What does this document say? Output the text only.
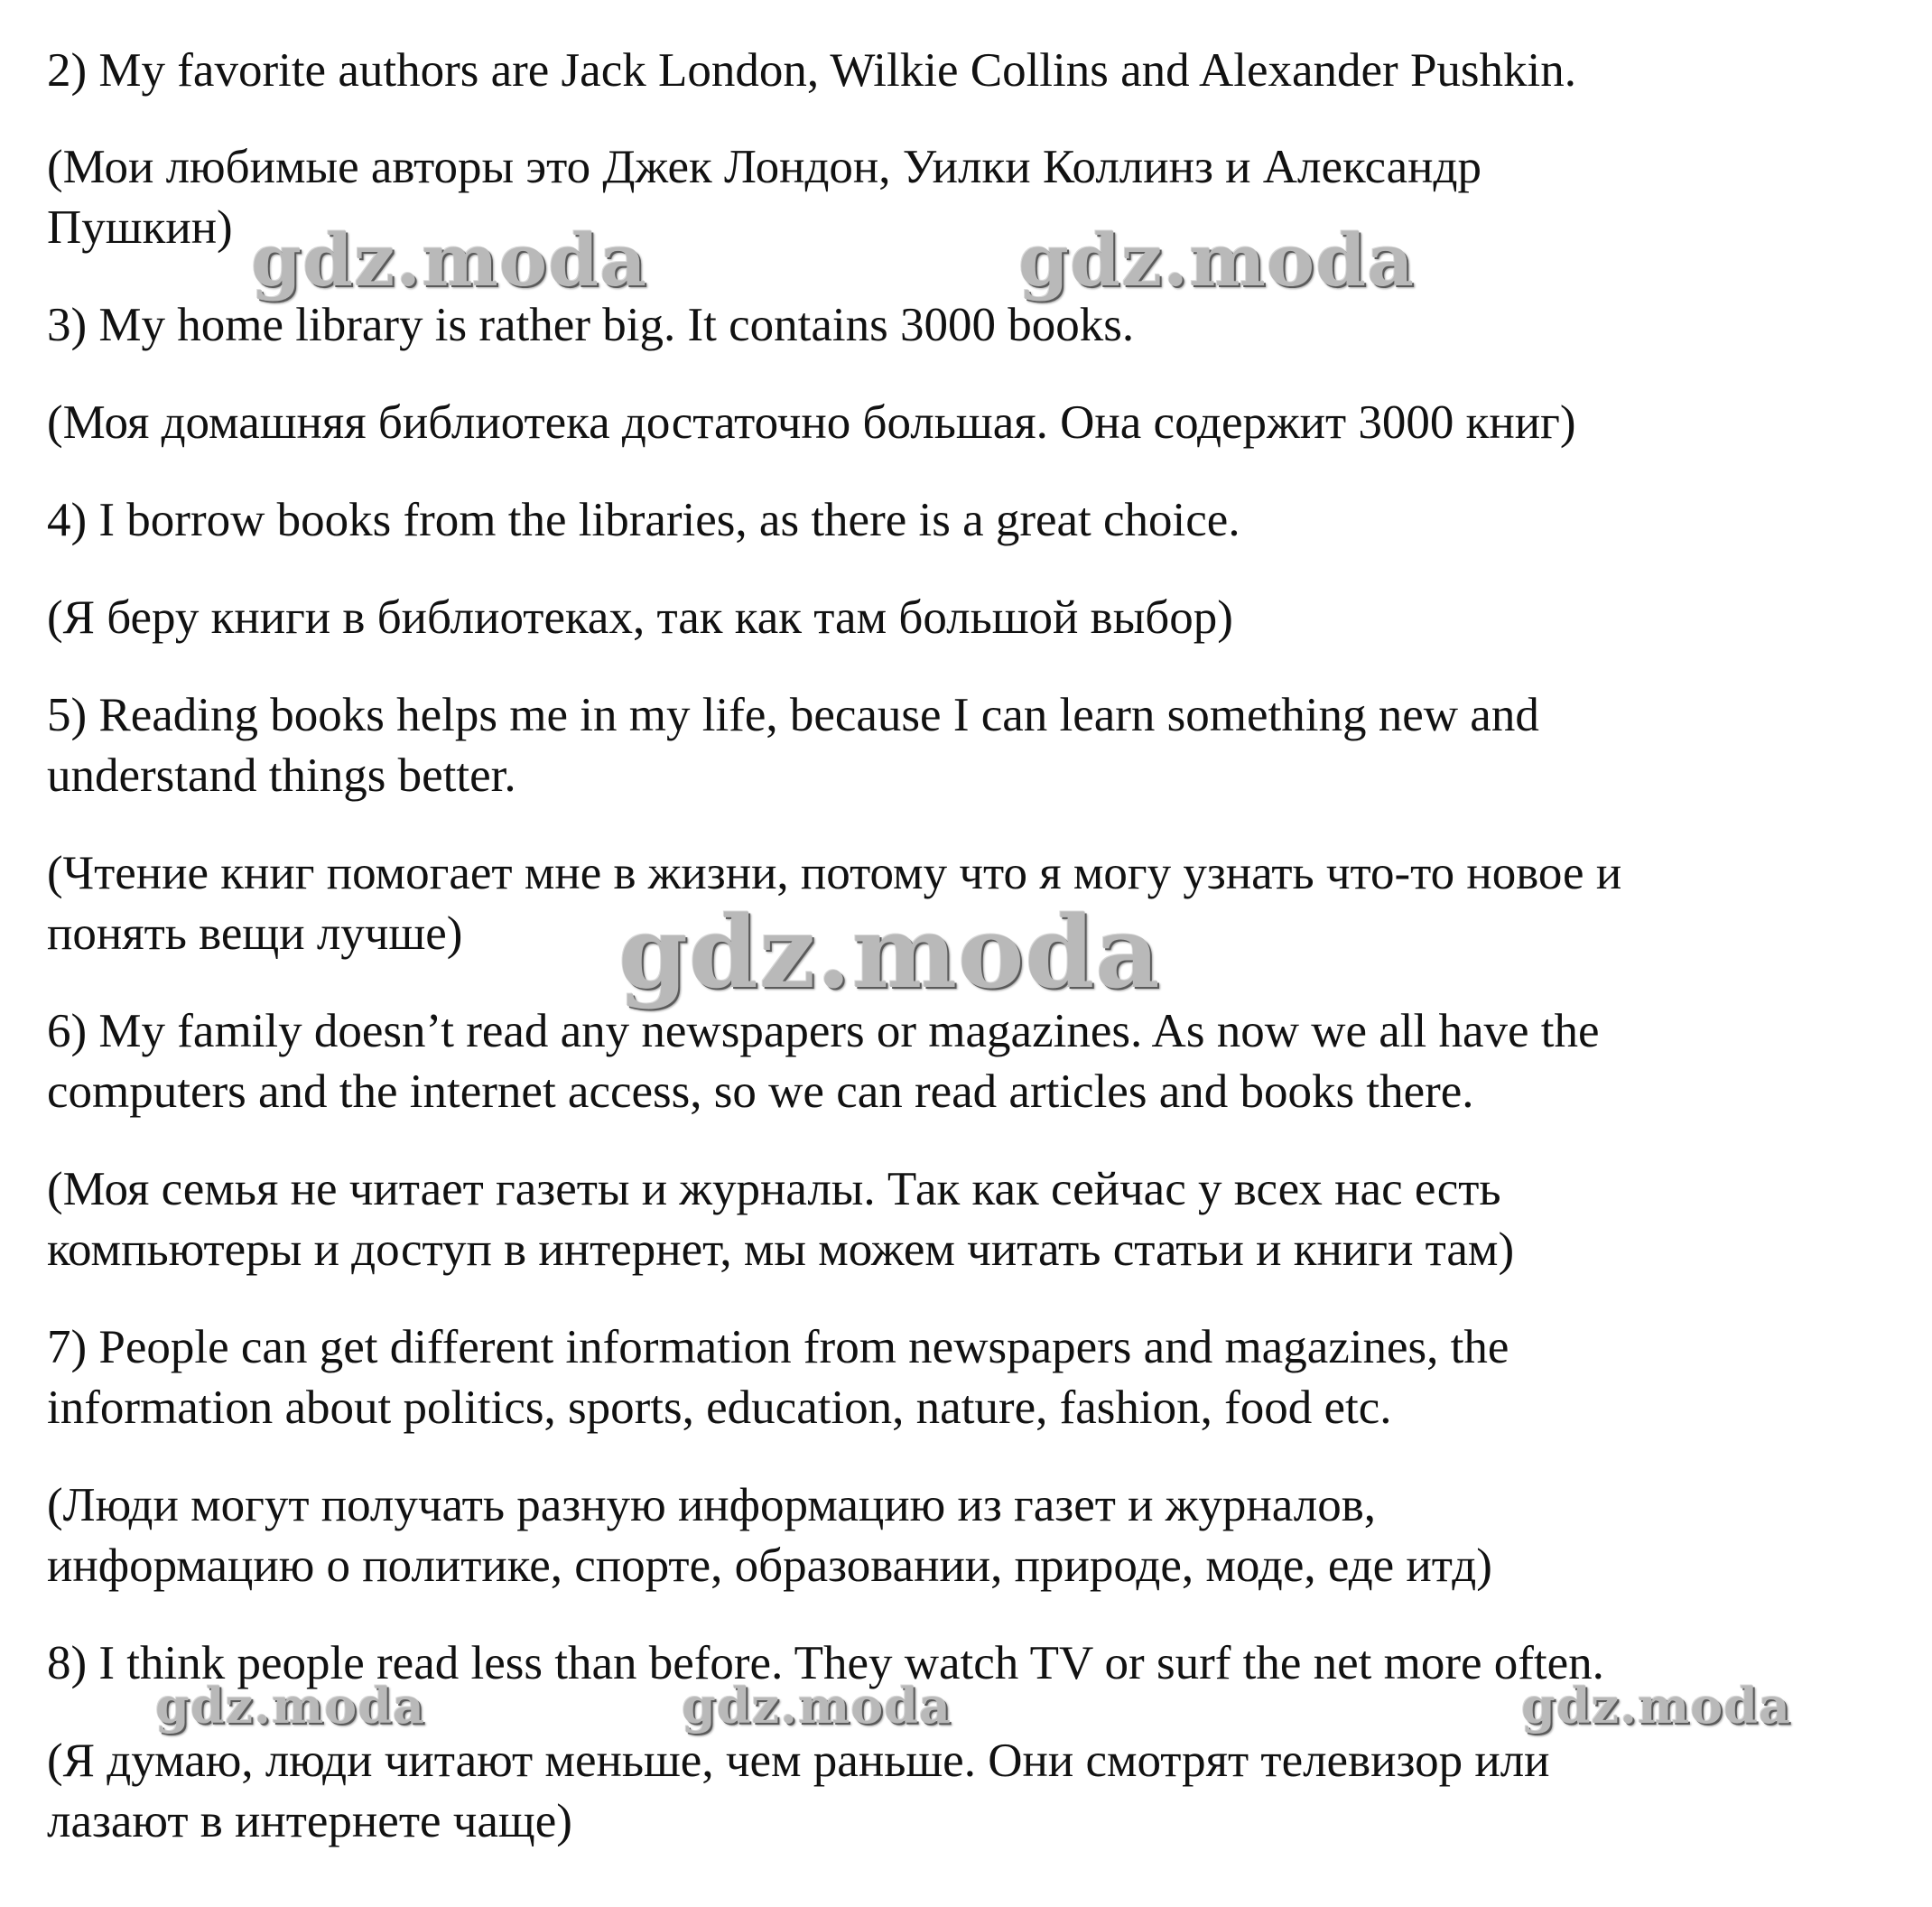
2) My favorite authors are Jack London, Wilkie Collins and Alexander Pushkin.

(Мои любимые авторы это Джек Лондон, Уилки Коллинз и Александр

Пушкин)

3) My home library is rather big. It contains 3000 books.

(Моя домашняя библиотека достаточно большая. Она содержит 3000 книг)

4) I borrow books from the libraries, as there is a great choice.

(Я беру книги в библиотеках, так как там большой выбор)

5) Reading books helps me in my life, because I can learn something new and

understand things better.

(Чтение книг помогает мне в жизни, потому что я могу узнать что-то новое и

понять вещи лучше)

6) My family doesn’t read any newspapers or magazines. As now we all have the

computers and the internet access, so we can read articles and books there.

(Моя семья не читает газеты и журналы. Так как сейчас у всех нас есть

компьютеры и доступ в интернет, мы можем читать статьи и книги там)

7) People can get different information from newspapers and magazines, the

information about politics, sports, education, nature, fashion, food etc.

(Люди могут получать разную информацию из газет и журналов,

информацию о политике, спорте, образовании, природе, моде, еде итд)

8) I think people read less than before. They watch TV or surf the net more often.

(Я думаю, люди читают меньше, чем раньше. Они смотрят телевизор или

лазают в интернете чаще)

gdz.moda	gdz.moda
gdz.moda
gdz.moda	gdz.moda	gdz.moda
